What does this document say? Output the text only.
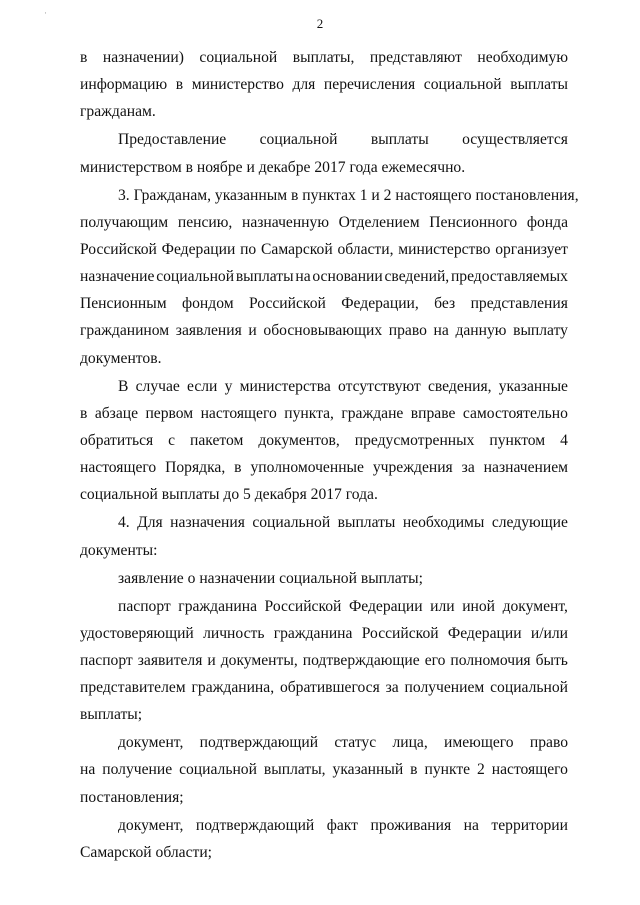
2
·
в назначении) социальной выплаты, представляют необходимую
информацию в министерство для перечисления социальной выплаты
гражданам.
Предоставление социальной выплаты осуществляется
министерством в ноябре и декабре 2017 года ежемесячно.
3. Гражданам, указанным в пунктах 1 и 2 настоящего постановления,
получающим пенсию, назначенную Отделением Пенсионного фонда
Российской Федерации по Самарской области, министерство организует
назначение социальной выплаты на основании сведений, предоставляемых
Пенсионным фондом Российской Федерации, без представления
гражданином заявления и обосновывающих право на данную выплату
документов.
В случае если у министерства отсутствуют сведения, указанные
в абзаце первом настоящего пункта, граждане вправе самостоятельно
обратиться с пакетом документов, предусмотренных пунктом 4
настоящего Порядка, в уполномоченные учреждения за назначением
социальной выплаты до 5 декабря 2017 года.
4. Для назначения социальной выплаты необходимы следующие
документы:
заявление о назначении социальной выплаты;
паспорт гражданина Российской Федерации или иной документ,
удостоверяющий личность гражданина Российской Федерации и/или
паспорт заявителя и документы, подтверждающие его полномочия быть
представителем гражданина, обратившегося за получением социальной
выплаты;
документ, подтверждающий статус лица, имеющего право
на получение социальной выплаты, указанный в пункте 2 настоящего
постановления;
документ, подтверждающий факт проживания на территории
Самарской области;
